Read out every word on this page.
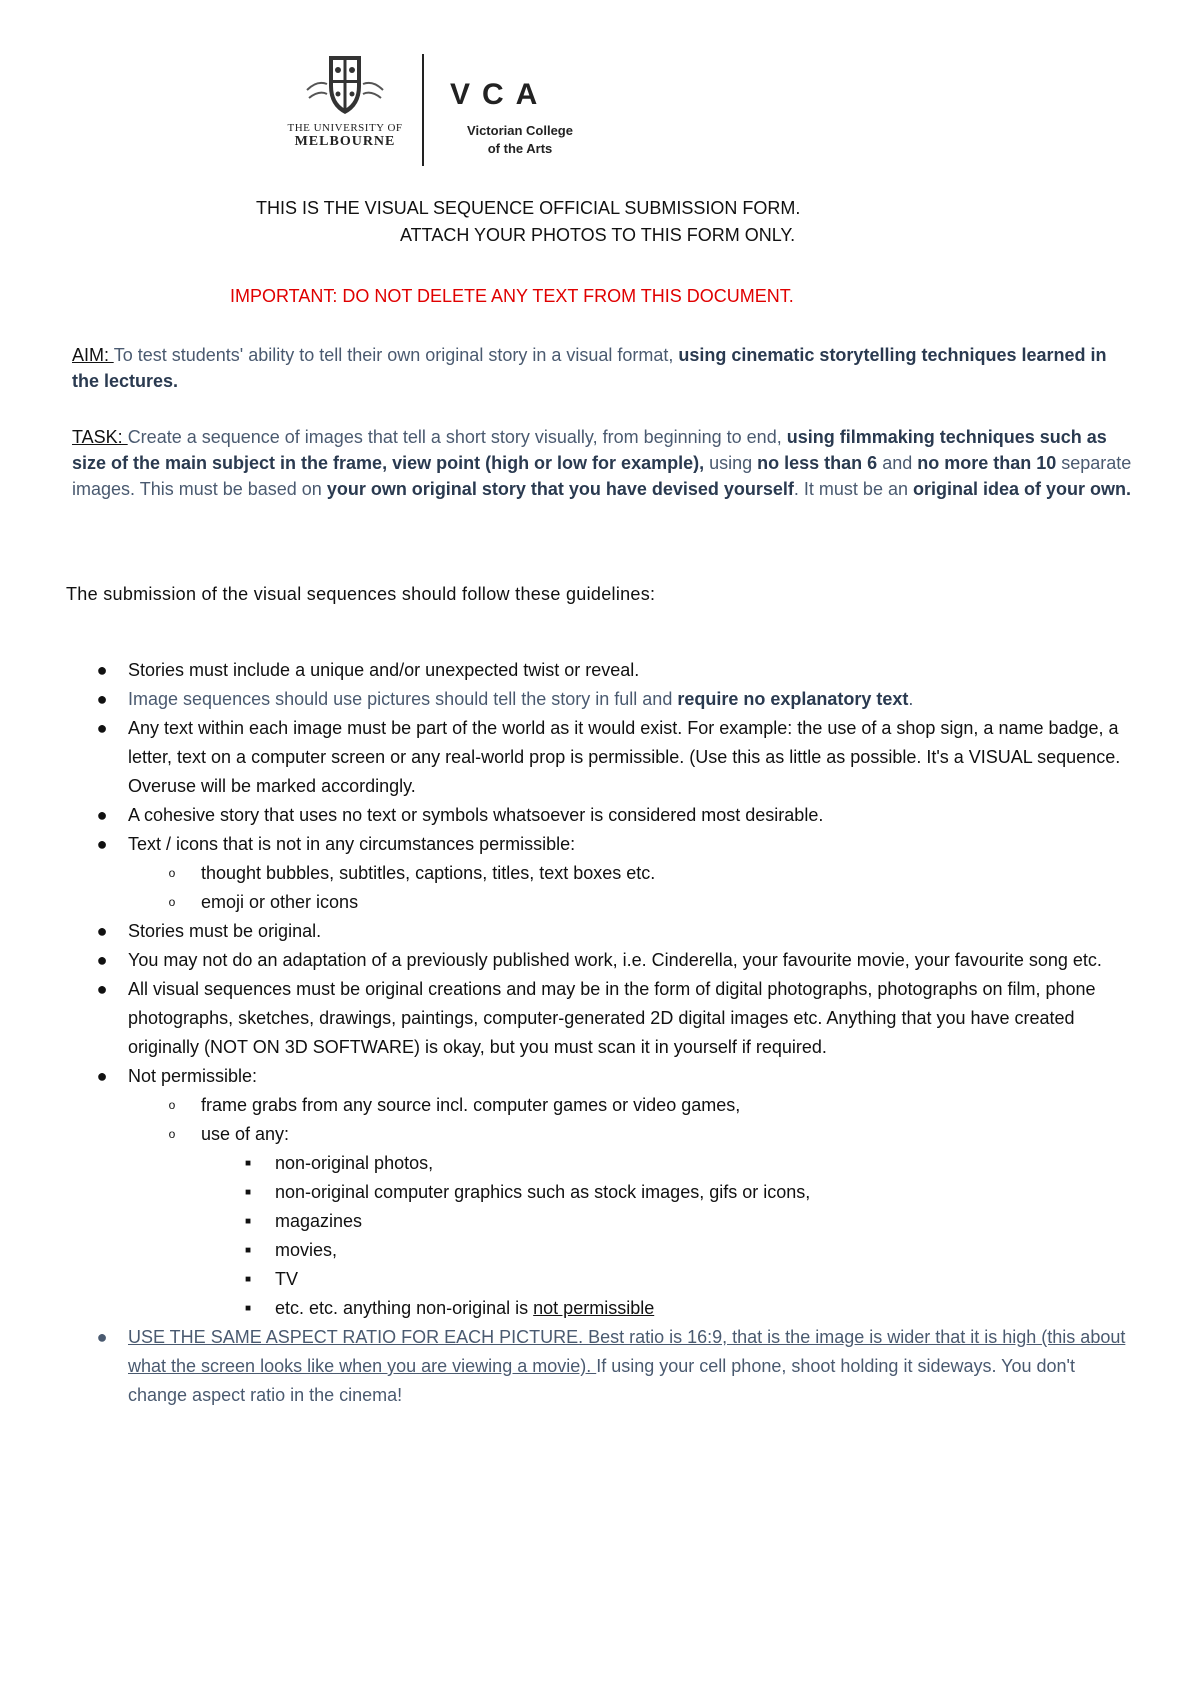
THE UNIVERSITY OF
MELBOURNE
VCA
Victorian College
of the Arts
THIS IS THE VISUAL SEQUENCE OFFICIAL SUBMISSION FORM.
ATTACH YOUR PHOTOS TO THIS FORM ONLY.
IMPORTANT: DO NOT DELETE ANY TEXT FROM THIS DOCUMENT.
AIM: To test students' ability to tell their own original story in a visual format, using cinematic storytelling techniques learned in the lectures.
TASK: Create a sequence of images that tell a short story visually, from beginning to end, using filmmaking techniques such as size of the main subject in the frame, view point (high or low for example), using no less than 6 and no more than 10 separate images. This must be based on your own original story that you have devised yourself. It must be an original idea of your own.
The submission of the visual sequences should follow these guidelines:
● Stories must include a unique and/or unexpected twist or reveal.
● Image sequences should use pictures should tell the story in full and require no explanatory text.
● Any text within each image must be part of the world as it would exist. For example: the use of a shop sign, a name badge, a letter, text on a computer screen or any real-world prop is permissible. (Use this as little as possible. It's a VISUAL sequence. Overuse will be marked accordingly.
● A cohesive story that uses no text or symbols whatsoever is considered most desirable.
● Text / icons that is not in any circumstances permissible:
o	thought bubbles, subtitles, captions, titles, text boxes etc.
o	emoji or other icons
● Stories must be original.
● You may not do an adaptation of a previously published work, i.e. Cinderella, your favourite movie, your favourite song etc.
● All visual sequences must be original creations and may be in the form of digital photographs, photographs on film, phone photographs, sketches, drawings, paintings, computer-generated 2D digital images etc. Anything that you have created originally (NOT ON 3D SOFTWARE) is okay, but you must scan it in yourself if required.
● Not permissible:
o	frame grabs from any source incl. computer games or video games,
o	use of any:
■	non-original photos,
■	non-original computer graphics such as stock images, gifs or icons,
■	magazines
■	movies,
■	TV
■	etc. etc. anything non-original is not permissible
● USE THE SAME ASPECT RATIO FOR EACH PICTURE. Best ratio is 16:9, that is the image is wider that it is high (this about what the screen looks like when you are viewing a movie). If using your cell phone, shoot holding it sideways. You don't change aspect ratio in the cinema!
